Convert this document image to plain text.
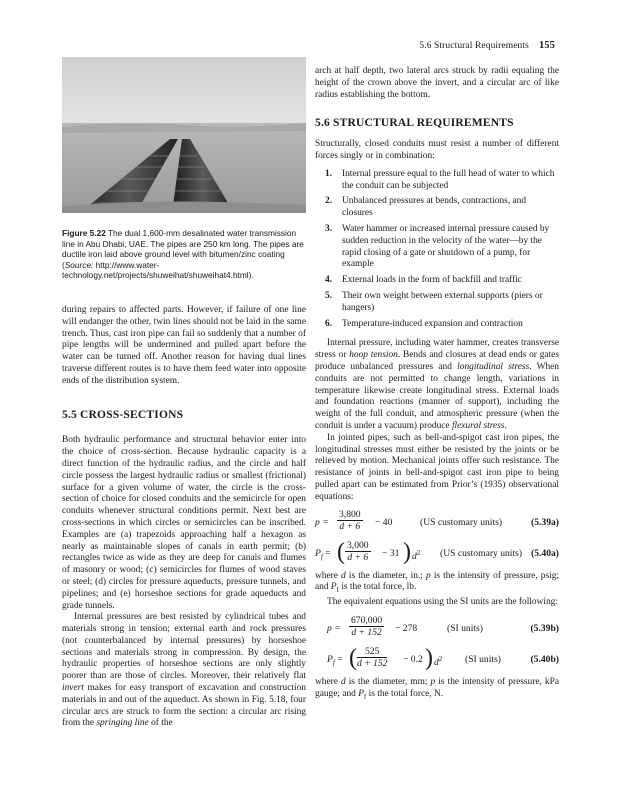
5.6 Structural Requirements 155
Figure 5.22 The dual 1,600-mm desalinated water transmission line in Abu Dhabi, UAE. The pipes are 250 km long. The pipes are ductile iron laid above ground level with bitumen/zinc coating (Source: http://www.water-technology.net/projects/shuweihat/shuweihat4.html).

during repairs to affected parts. However, if failure of one line will endanger the other, twin lines should not be laid in the same trench. Thus, cast iron pipe can fail so suddenly that a number of pipe lengths will be undermined and pulled apart before the water can be turned off. Another reason for having dual lines traverse different routes is to have them feed water into opposite ends of the distribution system.

5.5 CROSS-SECTIONS

Both hydraulic performance and structural behavior enter into the choice of cross-section. Because hydraulic capacity is a direct function of the hydraulic radius, and the circle and half circle possess the largest hydraulic radius or smallest (frictional) surface for a given volume of water, the circle is the cross-section of choice for closed conduits and the semicircle for open conduits whenever structural conditions permit. Next best are cross-sections in which circles or semicircles can be inscribed. Examples are (a) trapezoids approaching half a hexagon as nearly as maintainable slopes of canals in earth permit; (b) rectangles twice as wide as they are deep for canals and flumes of masonry or wood; (c) semicircles for flumes of wood staves or steel; (d) circles for pressure aqueducts, pressure tunnels, and pipelines; and (e) horseshoe sections for grade aqueducts and grade tunnels.

Internal pressures are best resisted by cylindrical tubes and materials strong in tension; external earth and rock pressures (not counterbalanced by internal pressures) by horseshoe sections and materials strong in compression. By design, the hydraulic properties of horseshoe sections are only slightly poorer than are those of circles. Moreover, their relatively flat invert makes for easy transport of excavation and construction materials in and out of the aqueduct. As shown in Fig. 5.18, four circular arcs are struck to form the section: a circular arc rising from the springing line of the

arch at half depth, two lateral arcs struck by radii equaling the height of the crown above the invert, and a circular arc of like radius establishing the bottom.

5.6 STRUCTURAL REQUIREMENTS

Structurally, closed conduits must resist a number of different forces singly or in combination:

1. Internal pressure equal to the full head of water to which the conduit can be subjected
2. Unbalanced pressures at bends, contractions, and closures
3. Water hammer or increased internal pressure caused by sudden reduction in the velocity of the water—by the rapid closing of a gate or shutdown of a pump, for example
4. External loads in the form of backfill and traffic
5. Their own weight between external supports (piers or hangers)
6. Temperature-induced expansion and contraction

Internal pressure, including water hammer, creates transverse stress or hoop tension. Bends and closures at dead ends or gates produce unbalanced pressures and longitudinal stress. When conduits are not permitted to change length, variations in temperature likewise create longitudinal stress. External loads and foundation reactions (manner of support), including the weight of the full conduit, and atmospheric pressure (when the conduit is under a vacuum) produce flexural stress.

In jointed pipes, such as bell-and-spigot cast iron pipes, the longitudinal stresses must either be resisted by the joints or be relieved by motion. Mechanical joints offer such resistance. The resistance of joints in bell-and-spigot cast iron pipe to being pulled apart can be estimated from Prior’s (1935) observational equations:

$p = \frac{3,800}{d + 6} - 40$	(US customary units)	(5.39a)
$P_f$ = ( $\frac{3,000}{d + 6} - 31$ ) $d^2$ (US customary units) (5.40a)

where d is the diameter, in.; p is the intensity of pressure, psig; and $P_f$ is the total force, lb.

The equivalent equations using the SI units are the following:

$p = \frac{670,000}{d + 152} - 278$	(SI units)	(5.39b)
$P_f$ = ( $\frac{525}{d + 152} - 0.2$ ) $d^2$ (SI units)	(5.40b)

where d is the diameter, mm; p is the intensity of pressure, kPa gauge; and $P_f$ is the total force, N.
